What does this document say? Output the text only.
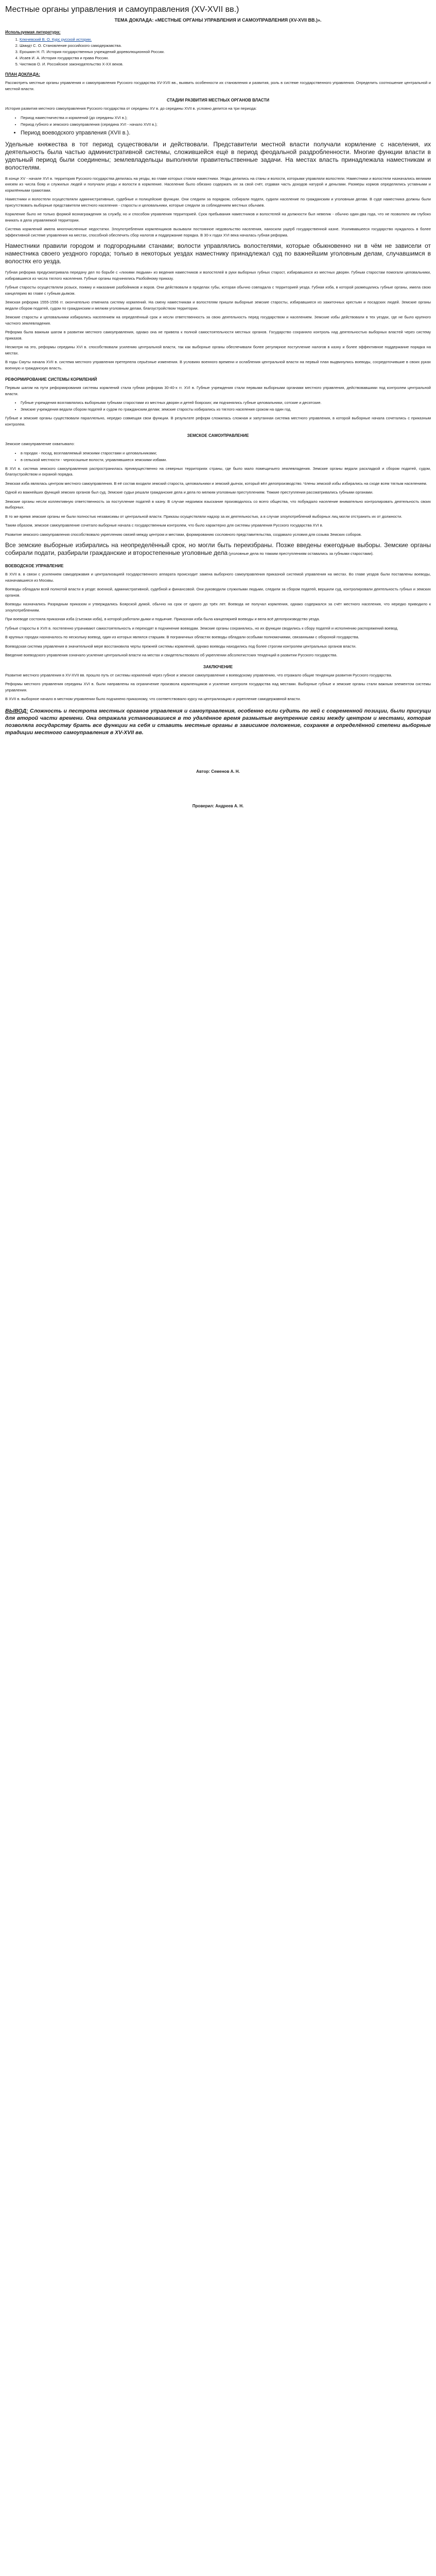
Местные органы управления и самоуправления (XV-XVII вв.)
ТЕМА ДОКЛАДА: «МЕСТНЫЕ ОРГАНЫ УПРАВЛЕНИЯ И САМОУПРАВЛЕНИЯ (XV-XVII ВВ.)».
Используемая литература:
1. Ключевский В. О. Курс русской истории.
2. Шмидт С. О. Становление российского самодержавства.
3. Ерошкин Н. П. История государственных учреждений дореволюционной России.
4. Исаев И. А. История государства и права России.
5. Чистяков О. И. Российское законодательство X-XX веков.
ПЛАН ДОКЛАДА:

Рассмотреть местные органы управления и самоуправления Русского государства XV-XVII вв., выявить особенности их становления и развития, роль в системе государственного управления. Определить соотношение центральной и местной власти.

СТАДИИ РАЗВИТИЯ МЕСТНЫХ ОРГАНОВ ВЛАСТИ

История развития местного самоуправления Русского государства от середины XV в. до середины XVII в. условно делится на три периода:

• Период наместничества и кормлений (до середины XVI в.);
• Период губного и земского самоуправления (середина XVI - начало XVII в.);
• Период воеводского управления (XVII в.).

Удельные княжества в тот период существовали и действовали. Представители местной власти получали кормление с населения, их деятельность была частью административной системы, сложившейся ещё в период феодальной раздробленности. Многие функции власти в удельный период были соединены; землевладельцы выполняли правительственные задачи. На местах власть принадлежала наместникам и волостелям.

В конце XV - начале XVI в. территория Русского государства делилась на уезды, во главе которых стояли наместники. Уезды делились на станы и волости, которыми управляли волостели. Наместники и волостели назначались великим князем из числа бояр и служилых людей и получали уезды и волости в кормление. Население было обязано содержать их за свой счёт, отдавая часть доходов натурой и деньгами. Размеры кормов определялись уставными и кормлёнными грамотами.

Наместники и волостели осуществляли административные, судебные и полицейские функции. Они следили за порядком, собирали подати, судили население по гражданским и уголовным делам. В суде наместника должны были присутствовать выборные представители местного населения - старосты и целовальники, которые следили за соблюдением местных обычаев.

Кормление было не только формой вознаграждения за службу, но и способом управления территорией. Срок пребывания наместников и волостелей на должности был невелик - обычно один-два года, что не позволяло им глубоко вникать в дела управляемой территории.

Система кормлений имела многочисленные недостатки. Злоупотребления кормленщиков вызывали постоянное недовольство населения, наносили ущерб государственной казне. Усиливавшееся государство нуждалось в более эффективной системе управления на местах, способной обеспечить сбор налогов и поддержание порядка. В 30-х годах XVI века началась губная реформа.

Наместники правили городом и подгородными станами; волости управлялись волостелями, которые обыкновенно ни в чём не зависели от наместника своего уездного города; только в некоторых уездах наместнику принадлежал суд по важнейшим уголовным делам, случавшимся в волостях его уезда.

Губная реформа предусматривала передачу дел по борьбе с «лихими людьми» из ведения наместников и волостелей в руки выборных губных старост, избиравшихся из местных дворян. Губным старостам помогали целовальники, избиравшиеся из числа тяглого населения. Губные органы подчинялись Разбойному приказу.

Губные старосты осуществляли розыск, поимку и наказание разбойников и воров. Они действовали в пределах губы, которая обычно совпадала с территорией уезда. Губная изба, в которой размещались губные органы, имела свою канцелярию во главе с губным дьяком.

Земская реформа 1555-1556 гг. окончательно отменила систему кормлений. На смену наместникам и волостелям пришли выборные земские старосты, избиравшиеся из зажиточных крестьян и посадских людей. Земские органы ведали сбором податей, судом по гражданским и мелким уголовным делам, благоустройством территории.

Земские старосты и целовальники избирались населением на определённый срок и несли ответственность за свою деятельность перед государством и населением. Земские избы действовали в тех уездах, где не было крупного частного землевладения.

Реформа была важным шагом в развитии местного самоуправления, однако она не привела к полной самостоятельности местных органов. Государство сохраняло контроль над деятельностью выборных властей через систему приказов.

Несмотря на это, реформы середины XVI в. способствовали усилению центральной власти, так как выборные органы обеспечивали более регулярное поступление налогов в казну и более эффективное поддержание порядка на местах.

В годы Смуты начала XVII в. система местного управления претерпела серьёзные изменения. В условиях военного времени и ослабления центральной власти на первый план выдвинулись воеводы, сосредоточившие в своих руках военную и гражданскую власть.

РЕФОРМИРОВАНИЕ СИСТЕМЫ КОРМЛЕНИЙ

Первым шагом на пути реформирования системы кормлений стала губная реформа 30-40-х гг. XVI в. Губные учреждения стали первыми выборными органами местного управления, действовавшими под контролем центральной власти.

• Губные учреждения возглавлялись выборными губными старостами из местных дворян и детей боярских; им подчинялись губные целовальники, сотские и десятские.
• Земские учреждения ведали сбором податей и судом по гражданским делам; земские старосты избирались из тяглого населения сроком на один год.

Губные и земские органы существовали параллельно, нередко совмещая свои функции. В результате реформ сложилась сложная и запутанная система местного управления, в которой выборные начала сочетались с приказным контролем.

ЗЕМСКОЕ САМОУПРАВЛЕНИЕ

Земское самоуправление охватывало:

• в городах - посад, возглавляемый земскими старостами и целовальниками;
• в сельской местности - черносошные волости, управлявшиеся земскими избами.

В XVI в. система земского самоуправления распространилась преимущественно на северных территориях страны, где было мало помещичьего землевладения. Земские органы ведали раскладкой и сбором податей, судом, благоустройством и охраной порядка.

Земская изба являлась центром местного самоуправления. В её состав входили земский староста, целовальники и земский дьячок, который вёл делопроизводство. Члены земской избы избирались на сходе всем тяглым населением.

Одной из важнейших функций земских органов был суд. Земские судьи решали гражданские дела и дела по мелким уголовным преступлениям. Тяжкие преступления рассматривались губными органами.

Земские органы несли коллективную ответственность за поступление податей в казну. В случае недоимок взыскание производилось со всего общества, что побуждало население внимательно контролировать деятельность своих выборных.

В то же время земские органы не были полностью независимы от центральной власти. Приказы осуществляли надзор за их деятельностью, а в случае злоупотреблений выборных лиц могли отстранить их от должности.

Таким образом, земское самоуправление сочетало выборные начала с государственным контролем, что было характерно для системы управления Русского государства XVI в.

Развитие земского самоуправления способствовало укреплению связей между центром и местами, формированию сословного представительства, создавало условия для созыва Земских соборов.

Все земские выборные избирались на неопределённый срок, но могли быть переизбраны. Позже введены ежегодные выборы. Земские органы собирали подати, разбирали гражданские и второстепенные уголовные дела (уголовные дела по тяжким преступлениям оставались за губными старостами).

ВОЕВОДСКОЕ УПРАВЛЕНИЕ

В XVII в. в связи с усилением самодержавия и централизацией государственного аппарата происходит замена выборного самоуправления приказной системой управления на местах. Во главе уездов были поставлены воеводы, назначавшиеся из Москвы.

Воеводы обладали всей полнотой власти в уезде: военной, административной, судебной и финансовой. Они руководили служилыми людьми, следили за сбором податей, вершили суд, контролировали деятельность губных и земских органов.

Воеводы назначались Разрядным приказом и утверждались Боярской думой, обычно на срок от одного до трёх лет. Воевода не получал кормления, однако содержался за счёт местного населения, что нередко приводило к злоупотреблениям.

При воеводе состояла приказная изба (съезжая изба), в которой работали дьяки и подьячие. Приказная изба была канцелярией воеводы и вела всё делопроизводство уезда.

Губные старосты в XVII в. постепенно утрачивают самостоятельность и переходят в подчинение воеводам. Земские органы сохранялись, но их функции сводились к сбору податей и исполнению распоряжений воевод.

В крупных городах назначалось по нескольку воевод, один из которых являлся старшим. В пограничных областях воеводы обладали особыми полномочиями, связанными с обороной государства.

Воеводская система управления в значительной мере восстановила черты прежней системы кормлений, однако воеводы находились под более строгим контролем центральных органов власти.

Введение воеводского управления означало усиление центральной власти на местах и свидетельствовало об укреплении абсолютистских тенденций в развитии Русского государства.

ЗАКЛЮЧЕНИЕ

Развитие местного управления в XV-XVII вв. прошло путь от системы кормлений через губное и земское самоуправление к воеводскому управлению, что отражало общие тенденции развития Русского государства.

Реформы местного управления середины XVI в. были направлены на ограничение произвола кормленщиков и усиление контроля государства над местами. Выборные губные и земские органы стали важным элементом системы управления.

В XVII в. выборное начало в местном управлении было подчинено приказному, что соответствовало курсу на централизацию и укрепление самодержавной власти.

ВЫВОД: Сложность и пестрота местных органов управления и самоуправления, особенно если судить по ней с современной позиции, были присущи для второй части времени. Она отражала установившиеся в то удалённое время размытые внутренние связи между центром и местами, которая позволяла государству брать все функции на себя и ставить местные органы в зависимое положение, сохраняя в определённой степени выборные традиции местного самоуправления в XV-XVII вв.

Автор: Семенов А. Н.
Проверил: Андреев А. Н.
